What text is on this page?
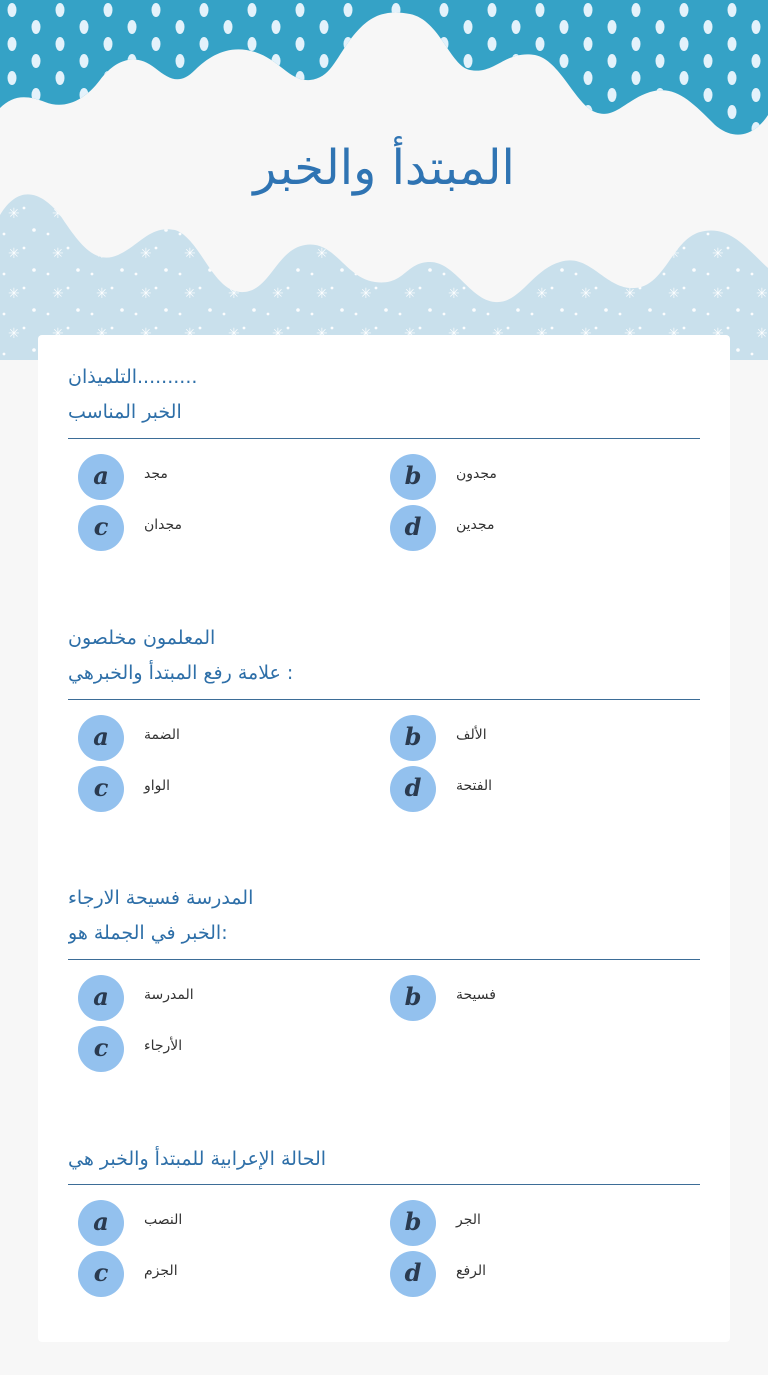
المبتدأ والخبر
التلميذان..........
الخبر المناسب
a	مجد	b	مجدون
c	مجدان	d	مجدين
المعلمون مخلصون
علامة رفع المبتدأ والخبرهي :
a	الضمة	b	الألف
c	الواو	d	الفتحة
المدرسة فسيحة الارجاء
الخبر في الجملة هو:
a	المدرسة	b	فسيحة
c	الأرجاء
الحالة الإعرابية للمبتدأ والخبر هي
a	النصب	b	الجر
c	الجزم	d	الرفع
